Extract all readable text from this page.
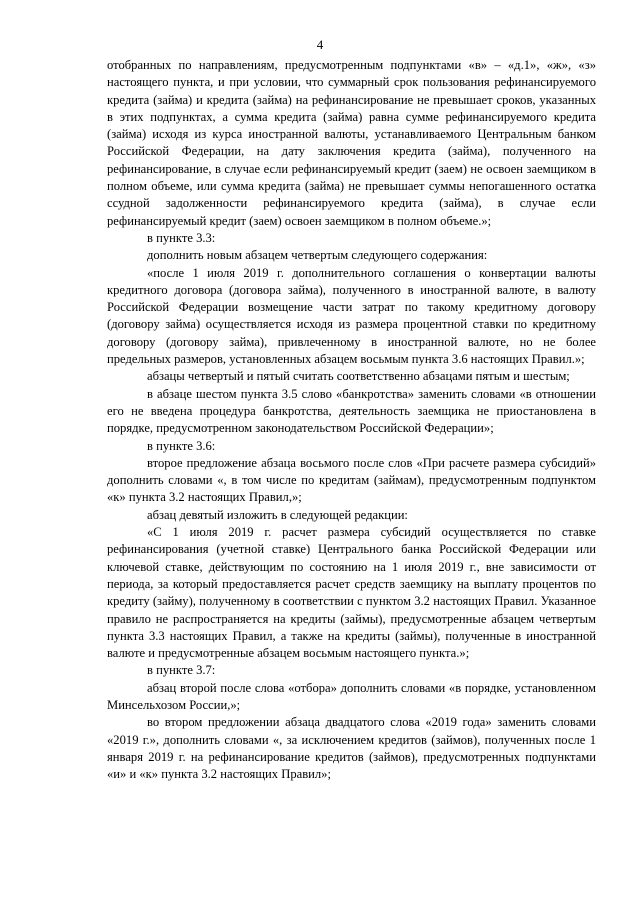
4

отобранных по направлениям, предусмотренным подпунктами «в» – «д.1», «ж», «з» настоящего пункта, и при условии, что суммарный срок пользования рефинансируемого кредита (займа) и кредита (займа) на рефинансирование не превышает сроков, указанных в этих подпунктах, а сумма кредита (займа) равна сумме рефинансируемого кредита (займа) исходя из курса иностранной валюты, устанавливаемого Центральным банком Российской Федерации, на дату заключения кредита (займа), полученного на рефинансирование, в случае если рефинансируемый кредит (заем) не освоен заемщиком в полном объеме, или сумма кредита (займа) не превышает суммы непогашенного остатка ссудной задолженности рефинансируемого кредита (займа), в случае если рефинансируемый кредит (заем) освоен заемщиком в полном объеме.»;

в пункте 3.3:

дополнить новым абзацем четвертым следующего содержания:

«после 1 июля 2019 г. дополнительного соглашения о конвертации валюты кредитного договора (договора займа), полученного в иностранной валюте, в валюту Российской Федерации возмещение части затрат по такому кредитному договору (договору займа) осуществляется исходя из размера процентной ставки по кредитному договору (договору займа), привлеченному в иностранной валюте, но не более предельных размеров, установленных абзацем восьмым пункта 3.6 настоящих Правил.»;

абзацы четвертый и пятый считать соответственно абзацами пятым и шестым;

в абзаце шестом пункта 3.5 слово «банкротства» заменить словами «в отношении его не введена процедура банкротства, деятельность заемщика не приостановлена в порядке, предусмотренном законодательством Российской Федерации»;

в пункте 3.6:

второе предложение абзаца восьмого после слов «При расчете размера субсидий» дополнить словами «, в том числе по кредитам (займам), предусмотренным подпунктом «к» пункта 3.2 настоящих Правил,»;

абзац девятый изложить в следующей редакции:

«С 1 июля 2019 г. расчет размера субсидий осуществляется по ставке рефинансирования (учетной ставке) Центрального банка Российской Федерации или ключевой ставке, действующим по состоянию на 1 июля 2019 г., вне зависимости от периода, за который предоставляется расчет средств заемщику на выплату процентов по кредиту (займу), полученному в соответствии с пунктом 3.2 настоящих Правил. Указанное правило не распространяется на кредиты (займы), предусмотренные абзацем четвертым пункта 3.3 настоящих Правил, а также на кредиты (займы), полученные в иностранной валюте и предусмотренные абзацем восьмым настоящего пункта.»;

в пункте 3.7:

абзац второй после слова «отбора» дополнить словами «в порядке, установленном Минсельхозом России,»;

во втором предложении абзаца двадцатого слова «2019 года» заменить словами «2019 г.», дополнить словами «, за исключением кредитов (займов), полученных после 1 января 2019 г. на рефинансирование кредитов (займов), предусмотренных подпунктами «и» и «к» пункта 3.2 настоящих Правил»;
